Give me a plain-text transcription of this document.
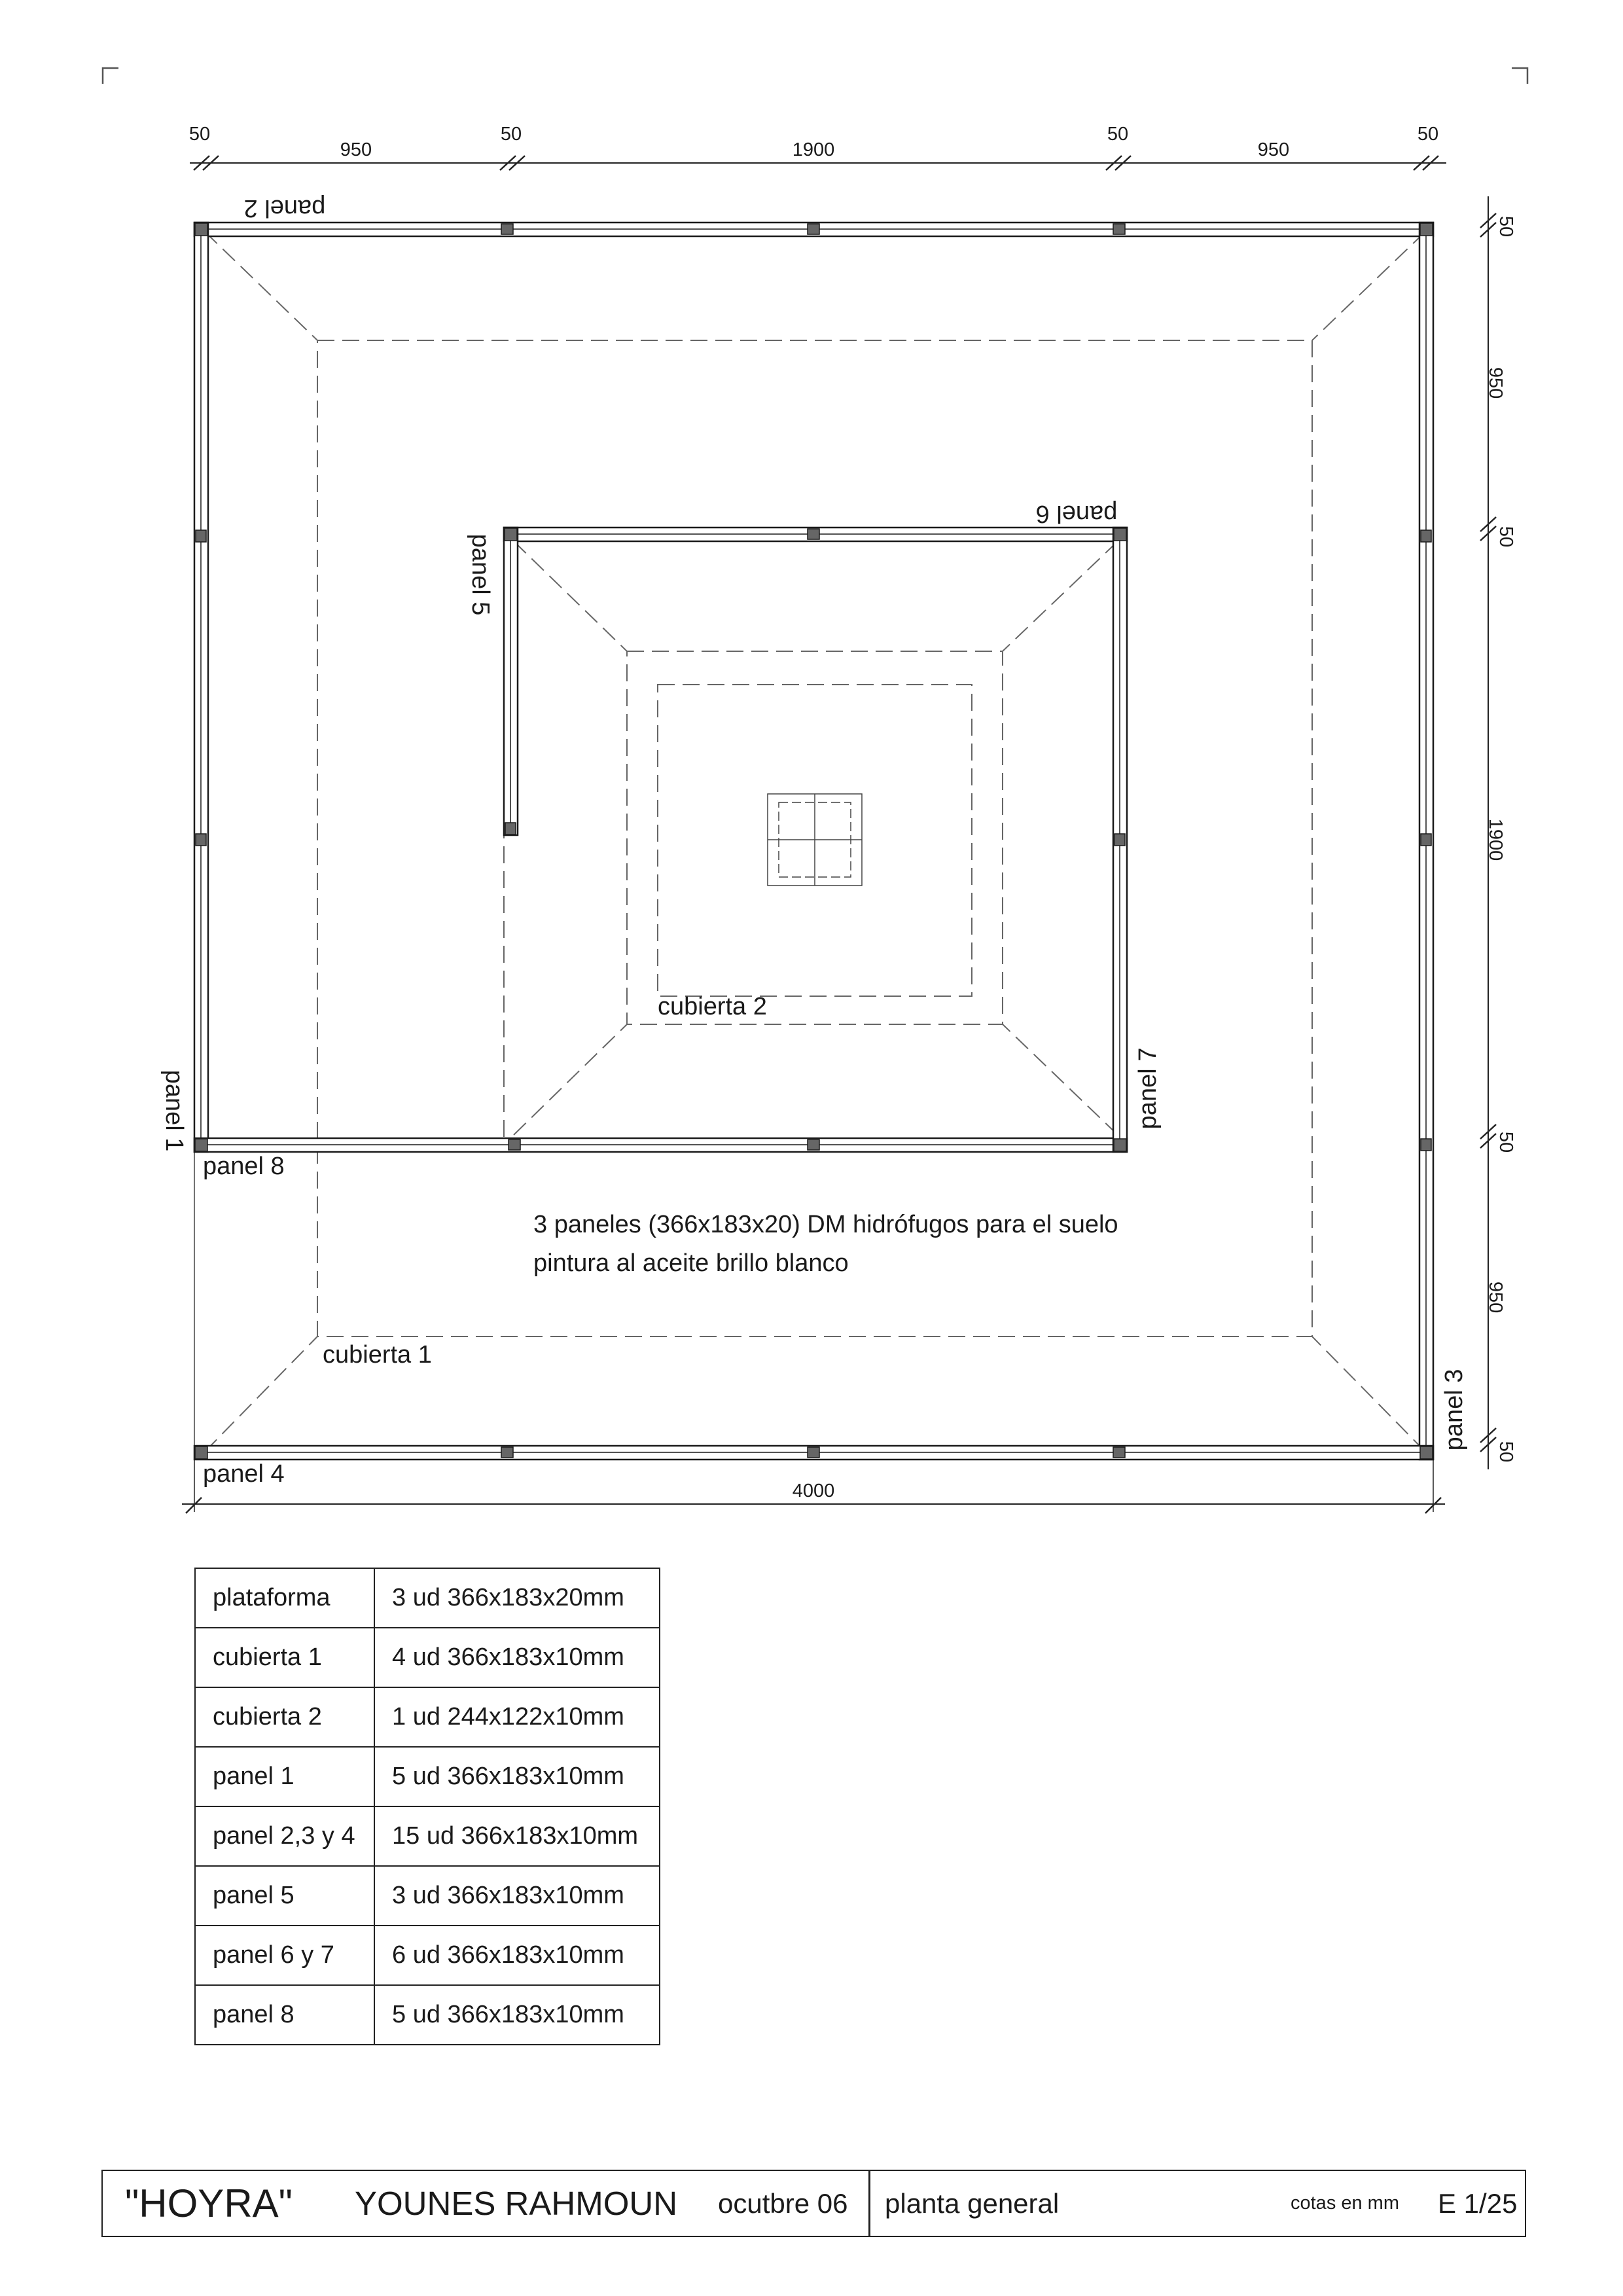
50
950
50
1900
50
950
50
50
950
50
1900
50
950
50
4000
panel 2
panel 6
panel 5
panel 1	panel 7
panel 3
panel 8
panel 4
cubierta 2
cubierta 1
3 paneles (366x183x20) DM hidrófugos para el suelo
pintura al aceite brillo blanco
plataforma	3 ud 366x183x20mm
cubierta 1	4 ud 366x183x10mm
cubierta 2	1 ud 244x122x10mm
panel 1	5 ud 366x183x10mm
panel 2,3 y 4	15 ud 366x183x10mm
panel 5	3 ud 366x183x10mm
panel 6 y 7	6 ud 366x183x10mm
panel 8	5 ud 366x183x10mm
"HOYRA" YOUNES RAHMOUN ocutbre 06 planta general	cotas en mm E 1/25
